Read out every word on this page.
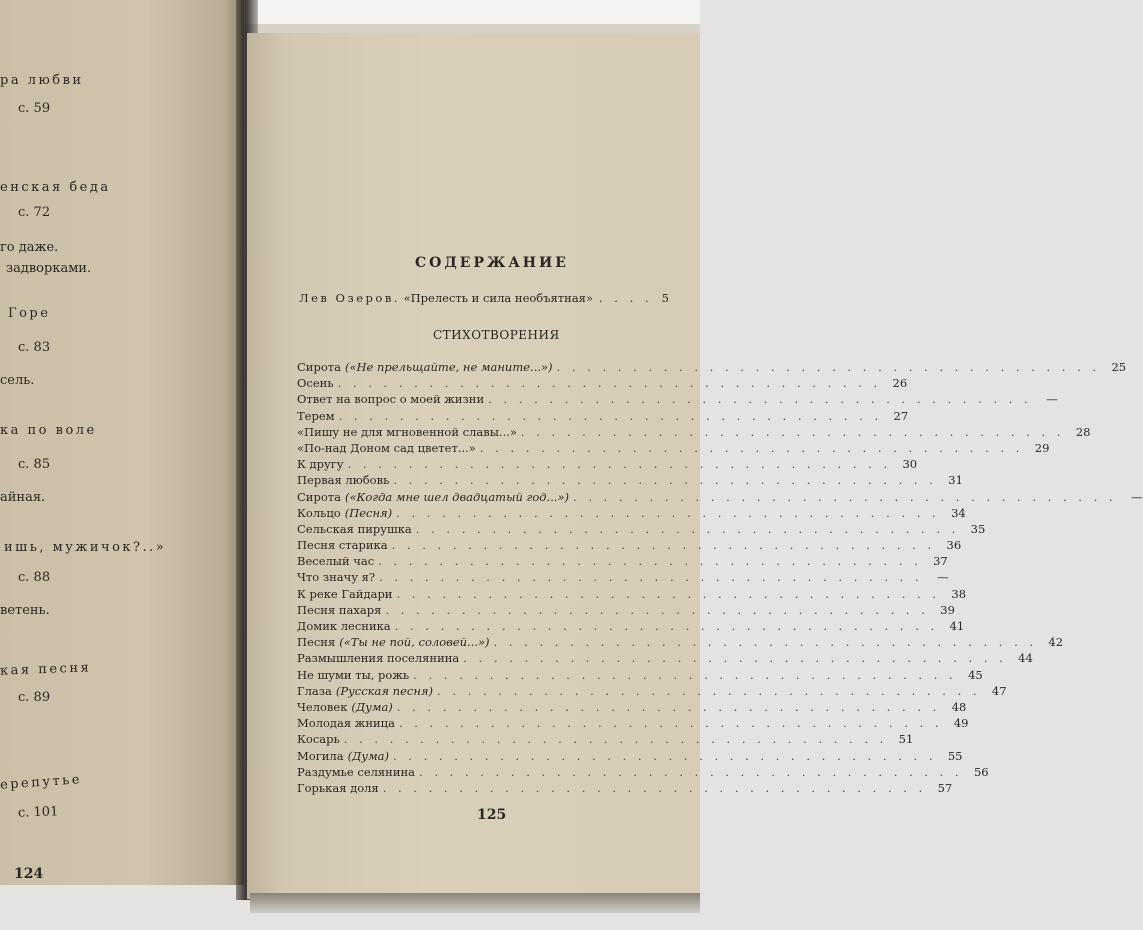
ра любви
с. 59
енская беда
с. 72
го даже.
задворками.
Горе
с. 83
сель.
ка по воле
с. 85
айная.
ишь, мужичок?..»
с. 88
ветень.
кая песня
с. 89
ерепутье
с. 101
124
СОДЕРЖАНИЕ
Лев Озеров. «Прелесть и сила необъятная» . . . . 5
СТИХОТВОРЕНИЯ
Сирота («Не прельщайте, не маните...») . . . . . . . . . . . . . . . . . . . . . . . . . . . . . . . . . . . . 25
Осень . . . . . . . . . . . . . . . . . . . . . . . . . . . . . . . . . . . . 26
Ответ на вопрос о моей жизни . . . . . . . . . . . . . . . . . . . . . . . . . . . . . . . . . . . .	—
Терем . . . . . . . . . . . . . . . . . . . . . . . . . . . . . . . . . . . . 27
«Пишу не для мгновенной славы...» . . . . . . . . . . . . . . . . . . . . . . . . . . . . . . . . . . . . 28
«По-над Доном сад цветет...» . . . . . . . . . . . . . . . . . . . . . . . . . . . . . . . . . . . . 29
К другу . . . . . . . . . . . . . . . . . . . . . . . . . . . . . . . . . . . . 30
Первая любовь . . . . . . . . . . . . . . . . . . . . . . . . . . . . . . . . . . . . 31
Сирота («Когда мне шел двадцатый год...») . . . . . . . . . . . . . . . . . . . . . . . . . . . . . . . . . . . .	—
Кольцо (Песня) . . . . . . . . . . . . . . . . . . . . . . . . . . . . . . . . . . . . 34
Сельская пирушка . . . . . . . . . . . . . . . . . . . . . . . . . . . . . . . . . . . . 35
Песня старика . . . . . . . . . . . . . . . . . . . . . . . . . . . . . . . . . . . . 36
Веселый час . . . . . . . . . . . . . . . . . . . . . . . . . . . . . . . . . . . . 37
Что значу я? . . . . . . . . . . . . . . . . . . . . . . . . . . . . . . . . . . . .	—
К реке Гайдари . . . . . . . . . . . . . . . . . . . . . . . . . . . . . . . . . . . . 38
Песня пахаря . . . . . . . . . . . . . . . . . . . . . . . . . . . . . . . . . . . . 39
Домик лесника . . . . . . . . . . . . . . . . . . . . . . . . . . . . . . . . . . . . 41
Песня («Ты не пой, соловей...») . . . . . . . . . . . . . . . . . . . . . . . . . . . . . . . . . . . . 42
Размышления поселянина . . . . . . . . . . . . . . . . . . . . . . . . . . . . . . . . . . . . 44
Не шуми ты, рожь . . . . . . . . . . . . . . . . . . . . . . . . . . . . . . . . . . . . 45
Глаза (Русская песня) . . . . . . . . . . . . . . . . . . . . . . . . . . . . . . . . . . . . 47
Человек (Дума) . . . . . . . . . . . . . . . . . . . . . . . . . . . . . . . . . . . . 48
Молодая жница . . . . . . . . . . . . . . . . . . . . . . . . . . . . . . . . . . . . 49
Косарь . . . . . . . . . . . . . . . . . . . . . . . . . . . . . . . . . . . . 51
Могила (Дума) . . . . . . . . . . . . . . . . . . . . . . . . . . . . . . . . . . . . 55
Раздумье селянина . . . . . . . . . . . . . . . . . . . . . . . . . . . . . . . . . . . . 56
Горькая доля . . . . . . . . . . . . . . . . . . . . . . . . . . . . . . . . . . . . 57
125
